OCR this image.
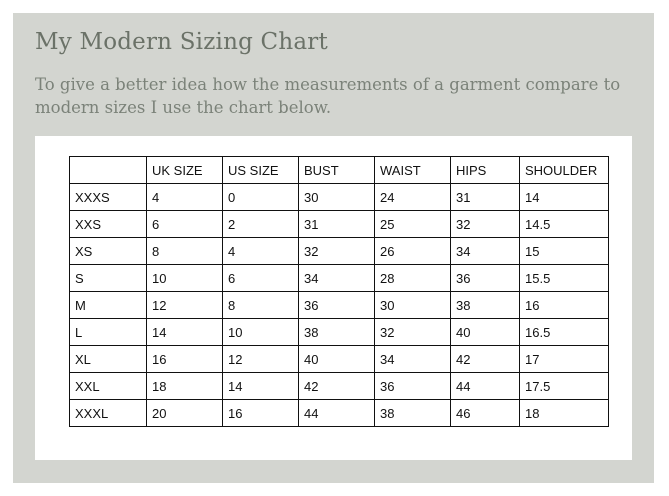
My Modern Sizing Chart

To give a better idea how the measurements of a garment compare to modern sizes I use the chart below.

	UK SIZE	US SIZE	BUST	WAIST	HIPS	SHOULDER
XXXS	4	0	30	24	31	14
XXS	6	2	31	25	32	14.5
XS	8	4	32	26	34	15
S	10	6	34	28	36	15.5
M	12	8	36	30	38	16
L	14	10	38	32	40	16.5
XL	16	12	40	34	42	17
XXL	18	14	42	36	44	17.5
XXXL	20	16	44	38	46	18
